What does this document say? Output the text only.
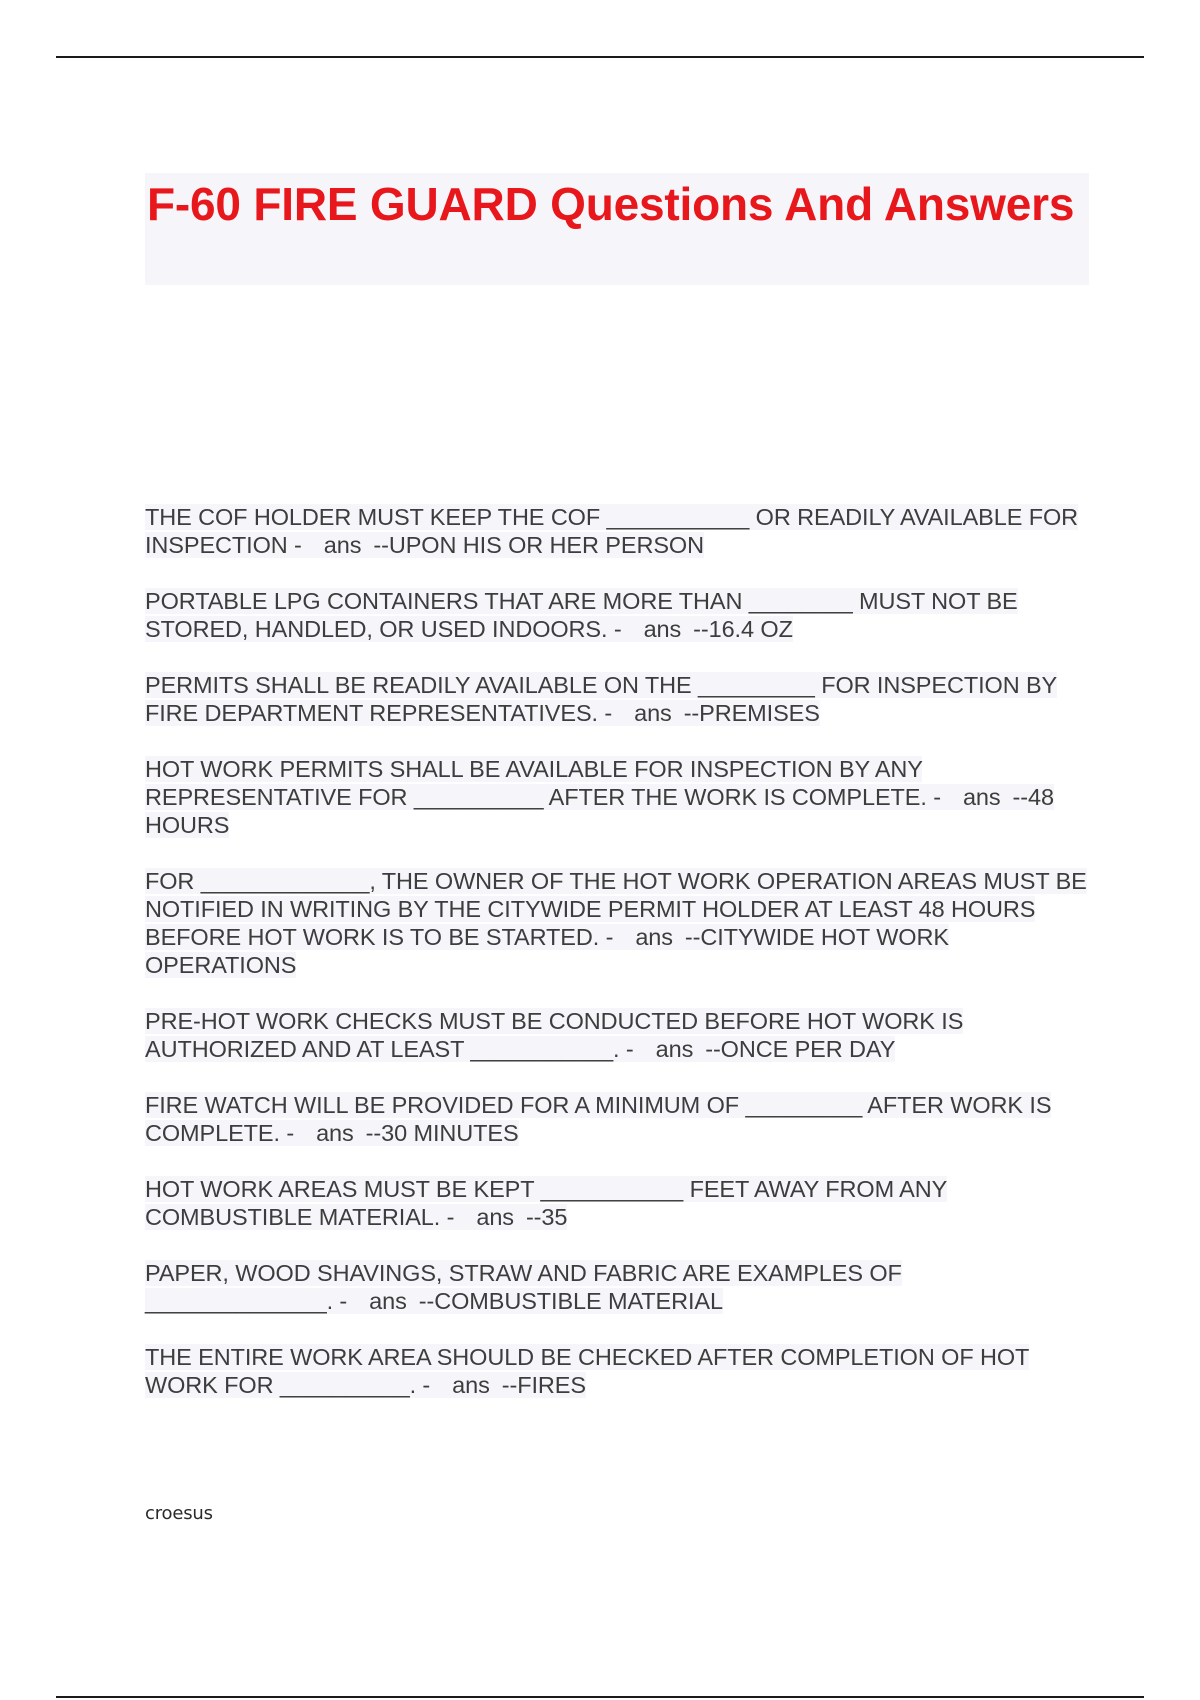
F-60 FIRE GUARD Questions And Answers
THE COF HOLDER MUST KEEP THE COF ___________ OR READILY AVAILABLE FOR INSPECTION - ans --UPON HIS OR HER PERSON
PORTABLE LPG CONTAINERS THAT ARE MORE THAN ________ MUST NOT BE STORED, HANDLED, OR USED INDOORS. - ans --16.4 OZ
PERMITS SHALL BE READILY AVAILABLE ON THE _________ FOR INSPECTION BY FIRE DEPARTMENT REPRESENTATIVES. - ans --PREMISES
HOT WORK PERMITS SHALL BE AVAILABLE FOR INSPECTION BY ANY REPRESENTATIVE FOR __________ AFTER THE WORK IS COMPLETE. - ans --48 HOURS
FOR _____________, THE OWNER OF THE HOT WORK OPERATION AREAS MUST BE NOTIFIED IN WRITING BY THE CITYWIDE PERMIT HOLDER AT LEAST 48 HOURS BEFORE HOT WORK IS TO BE STARTED. - ans --CITYWIDE HOT WORK OPERATIONS
PRE-HOT WORK CHECKS MUST BE CONDUCTED BEFORE HOT WORK IS AUTHORIZED AND AT LEAST ___________. - ans --ONCE PER DAY
FIRE WATCH WILL BE PROVIDED FOR A MINIMUM OF _________ AFTER WORK IS COMPLETE. - ans --30 MINUTES
HOT WORK AREAS MUST BE KEPT ___________ FEET AWAY FROM ANY COMBUSTIBLE MATERIAL. - ans --35
PAPER, WOOD SHAVINGS, STRAW AND FABRIC ARE EXAMPLES OF ______________. - ans --COMBUSTIBLE MATERIAL
THE ENTIRE WORK AREA SHOULD BE CHECKED AFTER COMPLETION OF HOT WORK FOR __________. - ans --FIRES
croesus
